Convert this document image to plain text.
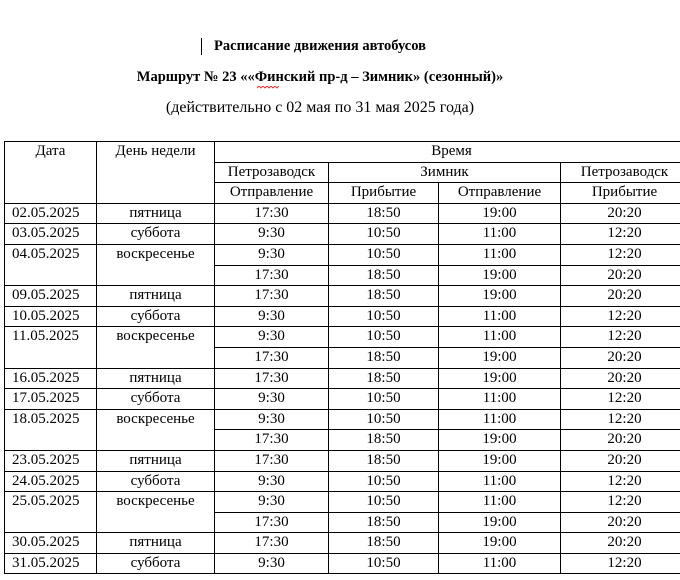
Расписание движения автобусов
Маршрут № 23 ««Финский пр-д – Зимник» (сезонный)»
(действительно с 02 мая по 31 мая 2025 года)
Дата	День недели	Время			
		Петрозаводск	Зимник		Петрозаводск
		Отправление	Прибытие	Отправление	Прибытие
02.05.2025	пятница	17:30	18:50	19:00	20:20
03.05.2025	суббота	9:30	10:50	11:00	12:20
04.05.2025	воскресенье	9:30	10:50	11:00	12:20
		17:30	18:50	19:00	20:20
09.05.2025	пятница	17:30	18:50	19:00	20:20
10.05.2025	суббота	9:30	10:50	11:00	12:20
11.05.2025	воскресенье	9:30	10:50	11:00	12:20
		17:30	18:50	19:00	20:20
16.05.2025	пятница	17:30	18:50	19:00	20:20
17.05.2025	суббота	9:30	10:50	11:00	12:20
18.05.2025	воскресенье	9:30	10:50	11:00	12:20
		17:30	18:50	19:00	20:20
23.05.2025	пятница	17:30	18:50	19:00	20:20
24.05.2025	суббота	9:30	10:50	11:00	12:20
25.05.2025	воскресенье	9:30	10:50	11:00	12:20
		17:30	18:50	19:00	20:20
30.05.2025	пятница	17:30	18:50	19:00	20:20
31.05.2025	суббота	9:30	10:50	11:00	12:20
